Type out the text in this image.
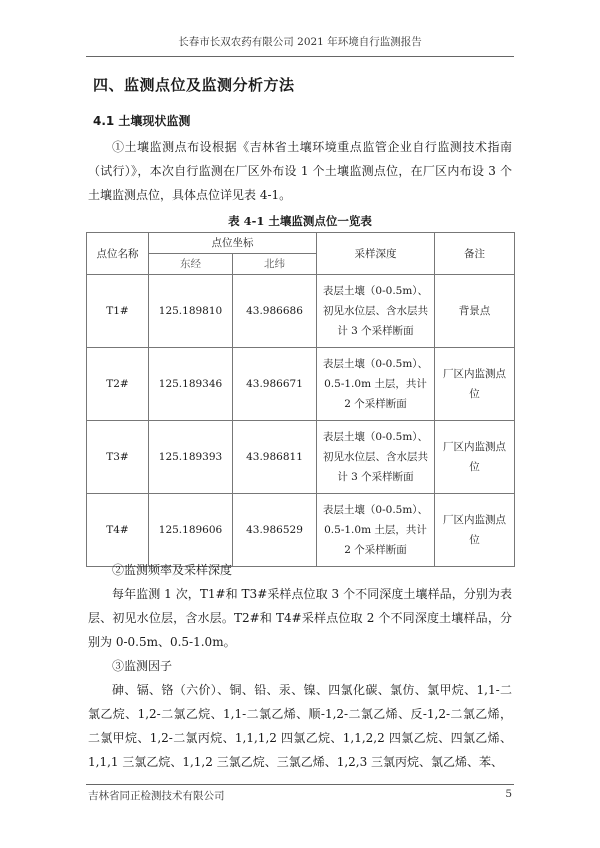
长春市长双农药有限公司 2021 年环境自行监测报告
四、监测点位及监测分析方法
4.1 土壤现状监测

①土壤监测点布设根据《吉林省土壤环境重点监管企业自行监测技术指南（试行）》，本次自行监测在厂区外布设 1 个土壤监测点位，在厂区内布设 3 个土壤监测点位，具体点位详见表 4-1。

表 4-1 土壤监测点位一览表
点位名称	点位坐标		采样深度	备注
	东经	北纬		
T1#	125.189810	43.986686	表层土壤（0-0.5m）、初见水位层、含水层共计 3 个采样断面	背景点
T2#	125.189346	43.986671	表层土壤（0-0.5m）、0.5-1.0m 土层，共计 2 个采样断面	厂区内监测点位
T3#	125.189393	43.986811	表层土壤（0-0.5m）、初见水位层、含水层共计 3 个采样断面	厂区内监测点位
T4#	125.189606	43.986529	表层土壤（0-0.5m）、0.5-1.0m 土层，共计 2 个采样断面	厂区内监测点位

②监测频率及采样深度

每年监测 1 次，T1#和 T3#采样点位取 3 个不同深度土壤样品，分别为表层、初见水位层，含水层。T2#和 T4#采样点位取 2 个不同深度土壤样品，分别为 0-0.5m、0.5-1.0m。

③监测因子

砷、镉、铬（六价）、铜、铅、汞、镍、四氯化碳、氯仿、氯甲烷、1,1-二氯乙烷、1,2-二氯乙烷、1,1-二氯乙烯、顺-1,2-二氯乙烯、反-1,2-二氯乙烯，二氯甲烷、1,2-二氯丙烷、1,1,1,2 四氯乙烷、1,1,2,2 四氯乙烷、四氯乙烯、1,1,1 三氯乙烷、1,1,2 三氯乙烷、三氯乙烯、1,2,3 三氯丙烷、氯乙烯、苯、

吉林省同正检测技术有限公司	5
